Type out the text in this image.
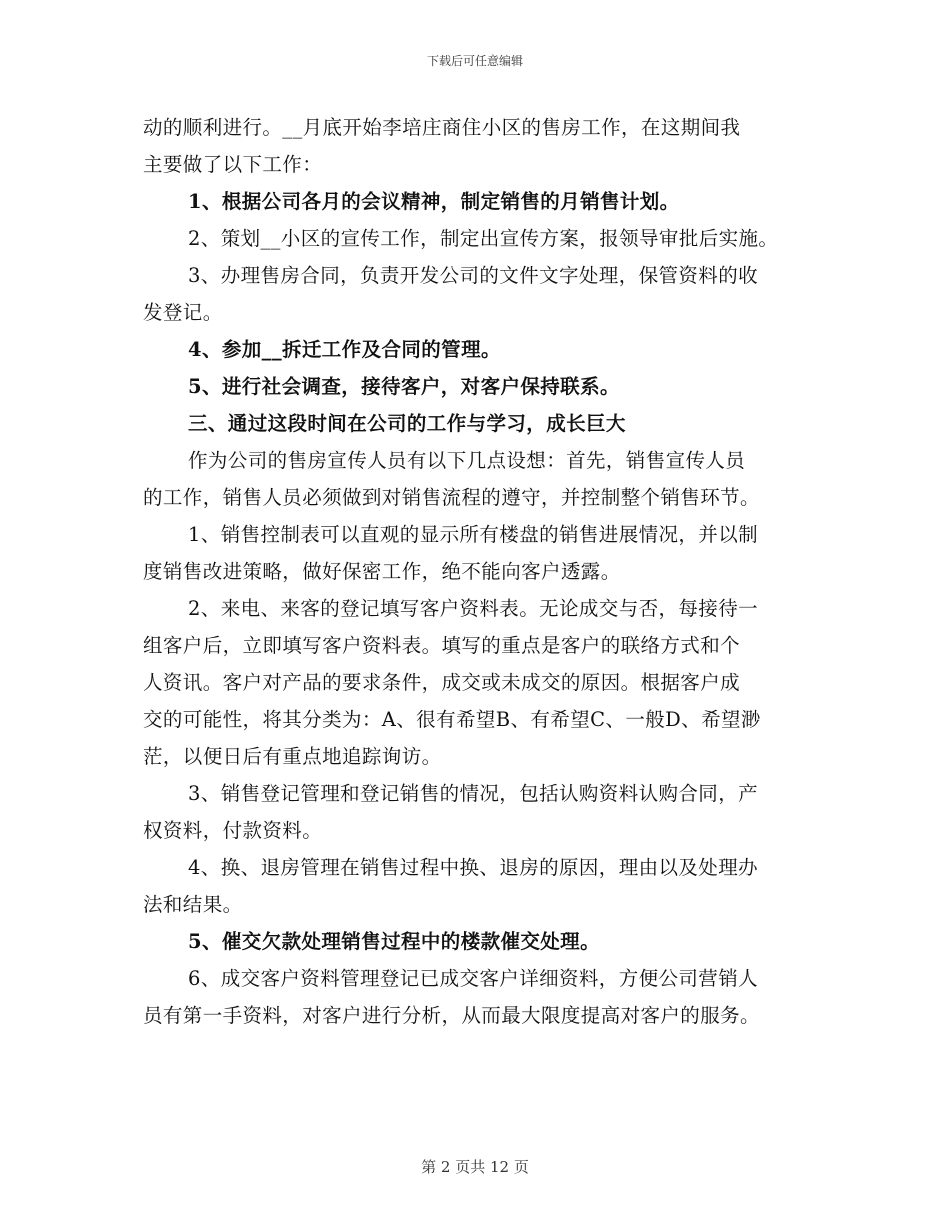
下载后可任意编辑
动的顺利进行。__月底开始李培庄商住小区的售房工作，在这期间我
主要做了以下工作：
1、根据公司各月的会议精神，制定销售的月销售计划。
2、策划__小区的宣传工作，制定出宣传方案，报领导审批后实施。
3、办理售房合同，负责开发公司的文件文字处理，保管资料的收
发登记。
4、参加__拆迁工作及合同的管理。
5、进行社会调查，接待客户，对客户保持联系。
三、通过这段时间在公司的工作与学习，成长巨大
作为公司的售房宣传人员有以下几点设想：首先，销售宣传人员
的工作，销售人员必须做到对销售流程的遵守，并控制整个销售环节。
1、销售控制表可以直观的显示所有楼盘的销售进展情况，并以制
度销售改进策略，做好保密工作，绝不能向客户透露。
2、来电、来客的登记填写客户资料表。无论成交与否，每接待一
组客户后，立即填写客户资料表。填写的重点是客户的联络方式和个
人资讯。客户对产品的要求条件，成交或未成交的原因。根据客户成
交的可能性，将其分类为：A、很有希望B、有希望C、一般D、希望渺
茫，以便日后有重点地追踪询访。
3、销售登记管理和登记销售的情况，包括认购资料认购合同，产
权资料，付款资料。
4、换、退房管理在销售过程中换、退房的原因，理由以及处理办
法和结果。
5、催交欠款处理销售过程中的楼款催交处理。
6、成交客户资料管理登记已成交客户详细资料，方便公司营销人
员有第一手资料，对客户进行分析，从而最大限度提高对客户的服务。
第 2 页共 12 页
